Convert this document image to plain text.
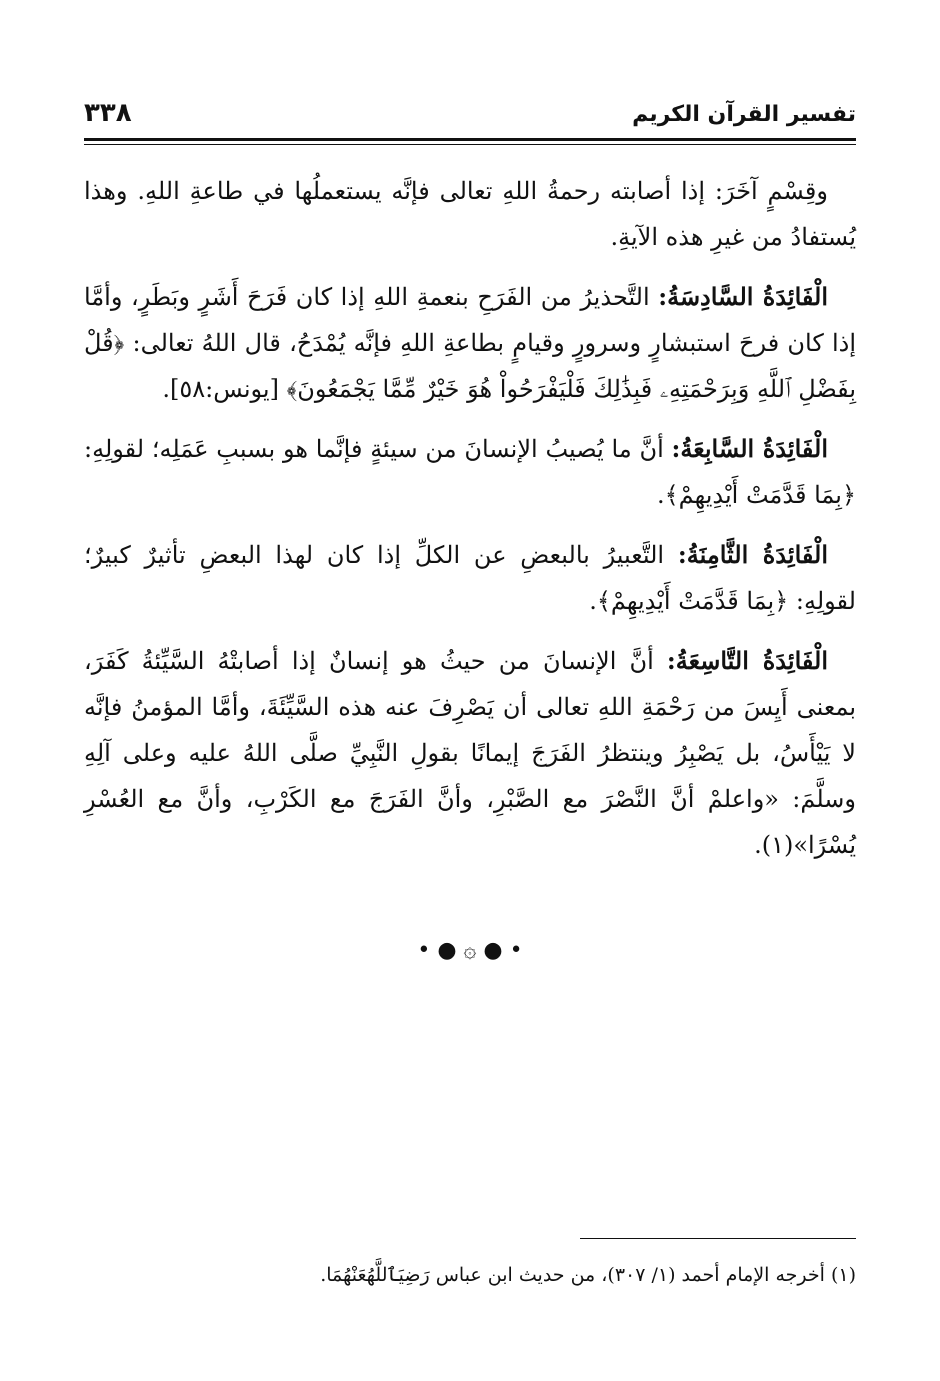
تفسير القرآن الكريم
٣٣٨

وقِسْمٍ آخَرَ: إذا أصابته رحمةُ اللهِ تعالى فإنَّه يستعملُها في طاعةِ اللهِ. وهذا يُستفادُ من غيرِ هذه الآيةِ.

الْفَائِدَةُ السَّادِسَةُ: التَّحذيرُ من الفَرَحِ بنعمةِ اللهِ إذا كان فَرَحَ أَشَرٍ وبَطَرٍ، وأمَّا إذا كان فرحَ استبشارٍ وسرورٍ وقيامٍ بطاعةِ اللهِ فإنَّه يُمْدَحُ، قال اللهُ تعالى: ﴿قُلْ بِفَضْلِ ٱللَّهِ وَبِرَحْمَتِهِۦ فَبِذَٰلِكَ فَلْيَفْرَحُواْ هُوَ خَيْرٌ مِّمَّا يَجْمَعُونَ﴾ [يونس:٥٨].

الْفَائِدَةُ السَّابِعَةُ: أنَّ ما يُصيبُ الإنسانَ من سيئةٍ فإنَّما هو بسببِ عَمَلِه؛ لقولِهِ: ﴿بِمَا قَدَّمَتْ أَيْدِيهِمْ﴾.

الْفَائِدَةُ الثَّامِنَةُ: التَّعبيرُ بالبعضِ عن الكلِّ إذا كان لهذا البعضِ تأثيرٌ كبيرٌ؛ لقولِهِ: ﴿بِمَا قَدَّمَتْ أَيْدِيهِمْ﴾.

الْفَائِدَةُ التَّاسِعَةُ: أنَّ الإنسانَ من حيثُ هو إنسانٌ إذا أصابتْهُ السَّيِّئةُ كَفَرَ، بمعنى أَيِسَ من رَحْمَةِ اللهِ تعالى أن يَصْرِفَ عنه هذه السَّيِّئَةَ، وأمَّا المؤمنُ فإنَّه لا يَيْأَسُ، بل يَصْبِرُ وينتظرُ الفَرَجَ إيمانًا بقولِ النَّبِيِّ صلَّى اللهُ عليه وعلى آلِهِ وسلَّمَ: «واعلمْ أنَّ النَّصْرَ مع الصَّبْرِ، وأنَّ الفَرَجَ مع الكَرْبِ، وأنَّ مع العُسْرِ يُسْرًا»(١).

• ● ۞ ● •
(١) أخرجه الإمام أحمد (١/ ٣٠٧)، من حديث ابن عباس رَضِيَٱللَّهُعَنْهُمَا.
